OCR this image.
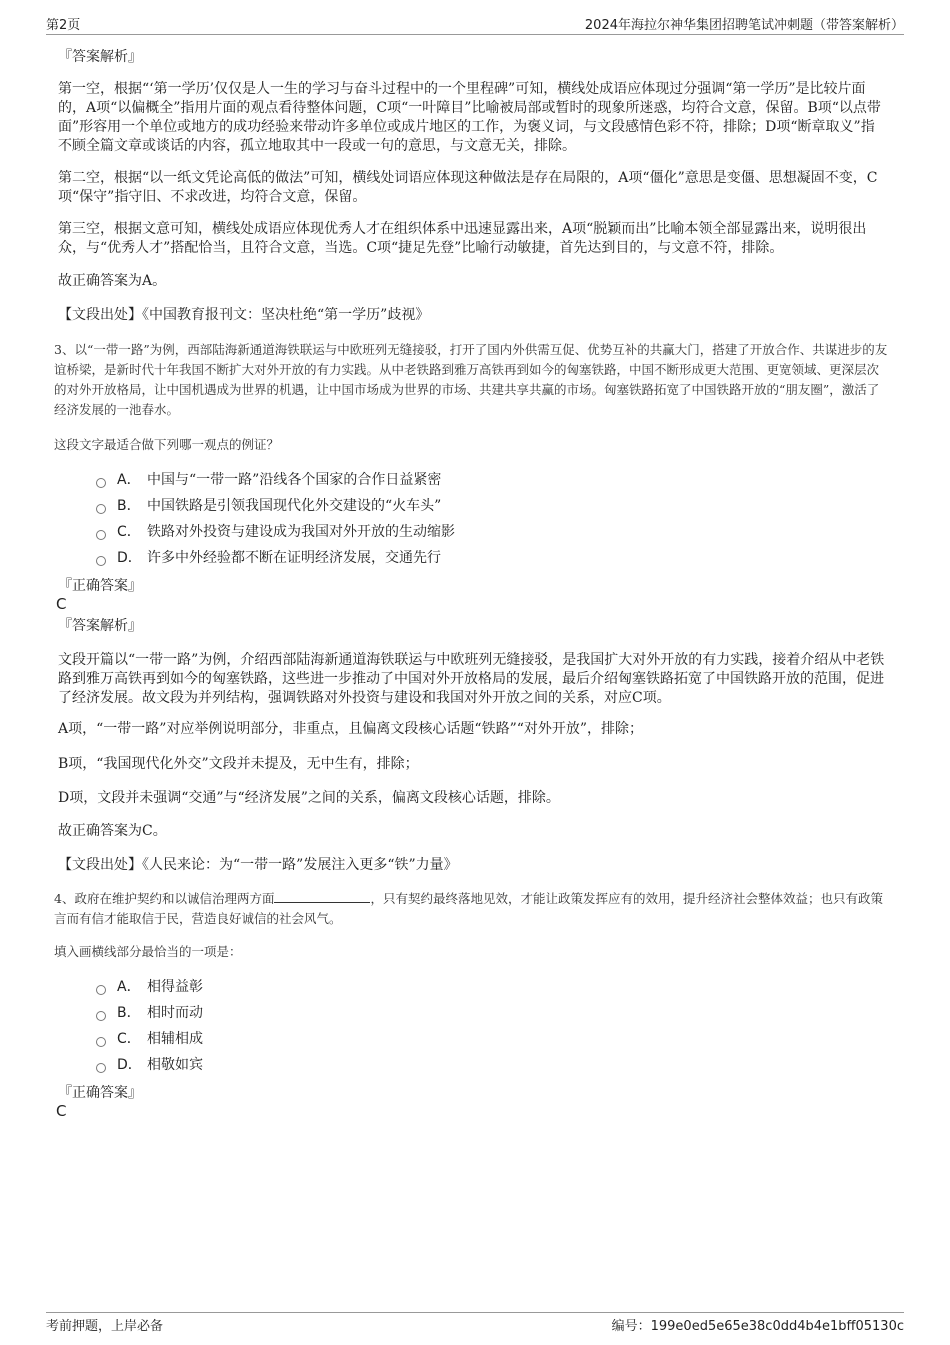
第2页	2024年海拉尔神华集团招聘笔试冲刺题（带答案解析）
『答案解析』

第一空，根据“‘第一学历’仅仅是人一生的学习与奋斗过程中的一个里程碑”可知，横线处成语应体现过分强调“第一学历”是比较片面的，A项“以偏概全”指用片面的观点看待整体问题，C项“一叶障目”比喻被局部或暂时的现象所迷惑，均符合文意，保留。B项“以点带面”形容用一个单位或地方的成功经验来带动许多单位或成片地区的工作，为褒义词，与文段感情色彩不符，排除；D项“断章取义”指不顾全篇文章或谈话的内容，孤立地取其中一段或一句的意思，与文意无关，排除。

第二空，根据“以一纸文凭论高低的做法”可知，横线处词语应体现这种做法是存在局限的，A项“僵化”意思是变僵、思想凝固不变，C项“保守”指守旧、不求改进，均符合文意，保留。

第三空，根据文意可知，横线处成语应体现优秀人才在组织体系中迅速显露出来，A项“脱颖而出”比喻本领全部显露出来，说明很出众，与“优秀人才”搭配恰当，且符合文意，当选。C项“捷足先登”比喻行动敏捷，首先达到目的，与文意不符，排除。

故正确答案为A。

【文段出处】《中国教育报刊文：坚决杜绝“第一学历”歧视》

3、以“一带一路”为例，西部陆海新通道海铁联运与中欧班列无缝接驳，打开了国内外供需互促、优势互补的共赢大门，搭建了开放合作、共谋进步的友谊桥梁，是新时代十年我国不断扩大对外开放的有力实践。从中老铁路到雅万高铁再到如今的匈塞铁路，中国不断形成更大范围、更宽领域、更深层次的对外开放格局，让中国机遇成为世界的机遇，让中国市场成为世界的市场、共建共享共赢的市场。匈塞铁路拓宽了中国铁路开放的“朋友圈”，激活了经济发展的一池春水。

这段文字最适合做下列哪一观点的例证？

A． 中国与“一带一路”沿线各个国家的合作日益紧密
B． 中国铁路是引领我国现代化外交建设的“火车头”
C． 铁路对外投资与建设成为我国对外开放的生动缩影
D． 许多中外经验都不断在证明经济发展，交通先行
『正确答案』
C
『答案解析』

文段开篇以“一带一路”为例，介绍西部陆海新通道海铁联运与中欧班列无缝接驳，是我国扩大对外开放的有力实践，接着介绍从中老铁路到雅万高铁再到如今的匈塞铁路，这些进一步推动了中国对外开放格局的发展，最后介绍匈塞铁路拓宽了中国铁路开放的范围，促进了经济发展。故文段为并列结构，强调铁路对外投资与建设和我国对外开放之间的关系，对应C项。

A项，“一带一路”对应举例说明部分，非重点，且偏离文段核心话题“铁路”“对外开放”，排除；

B项，“我国现代化外交”文段并未提及，无中生有，排除；

D项，文段并未强调“交通”与“经济发展”之间的关系，偏离文段核心话题，排除。

故正确答案为C。

【文段出处】《人民来论：为“一带一路”发展注入更多“铁”力量》

4、政府在维护契约和以诚信治理两方面	，只有契约最终落地见效，才能让政策发挥应有的效用，提升经济社会整体效益；也只有政策言而有信才能取信于民，营造良好诚信的社会风气。

填入画横线部分最恰当的一项是：

A． 相得益彰
B． 相时而动
C． 相辅相成
D． 相敬如宾
『正确答案』
C
考前押题，上岸必备	编号：199e0ed5e65e38c0dd4b4e1bff05130c
